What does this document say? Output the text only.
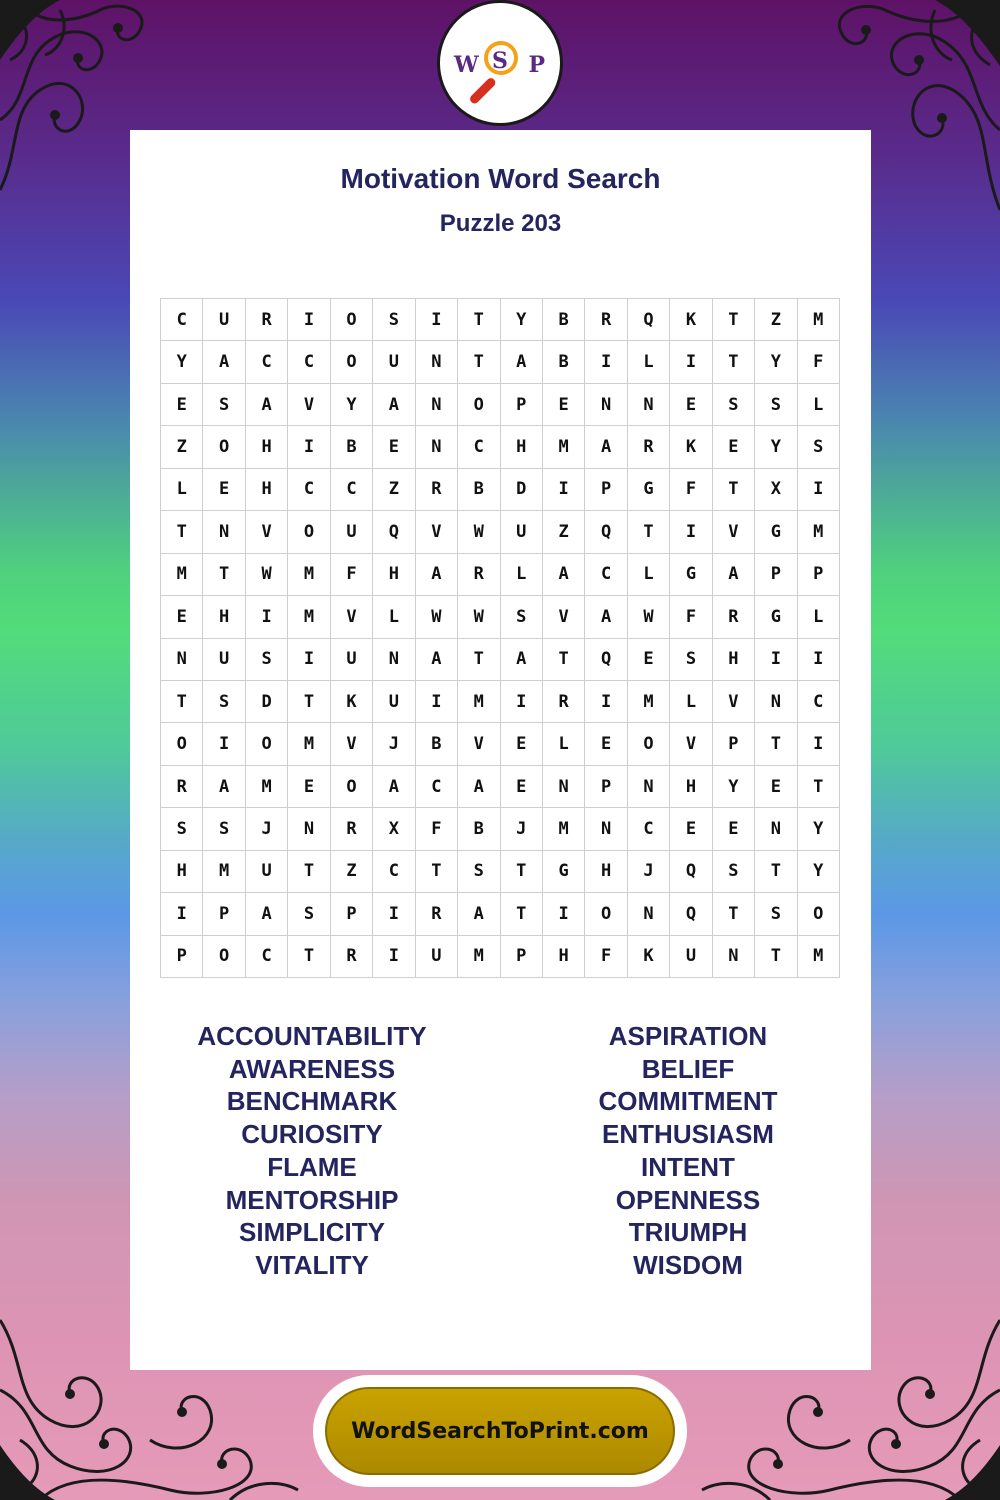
W S P
Motivation Word Search
Puzzle 203
C	U	R	I	O	S	I	T	Y	B	R	Q	K	T	Z	M
Y	A	C	C	O	U	N	T	A	B	I	L	I	T	Y	F
E	S	A	V	Y	A	N	O	P	E	N	N	E	S	S	L
Z	O	H	I	B	E	N	C	H	M	A	R	K	E	Y	S
L	E	H	C	C	Z	R	B	D	I	P	G	F	T	X	I
T	N	V	O	U	Q	V	W	U	Z	Q	T	I	V	G	M
M	T	W	M	F	H	A	R	L	A	C	L	G	A	P	P
E	H	I	M	V	L	W	W	S	V	A	W	F	R	G	L
N	U	S	I	U	N	A	T	A	T	Q	E	S	H	I	I
T	S	D	T	K	U	I	M	I	R	I	M	L	V	N	C
O	I	O	M	V	J	B	V	E	L	E	O	V	P	T	I
R	A	M	E	O	A	C	A	E	N	P	N	H	Y	E	T
S	S	J	N	R	X	F	B	J	M	N	C	E	E	N	Y
H	M	U	T	Z	C	T	S	T	G	H	J	Q	S	T	Y
I	P	A	S	P	I	R	A	T	I	O	N	Q	T	S	O
P	O	C	T	R	I	U	M	P	H	F	K	U	N	T	M
ACCOUNTABILITY
AWARENESS
BENCHMARK
CURIOSITY
FLAME
MENTORSHIP
SIMPLICITY
VITALITY
ASPIRATION
BELIEF
COMMITMENT
ENTHUSIASM
INTENT
OPENNESS
TRIUMPH
WISDOM
WordSearchToPrint.com
